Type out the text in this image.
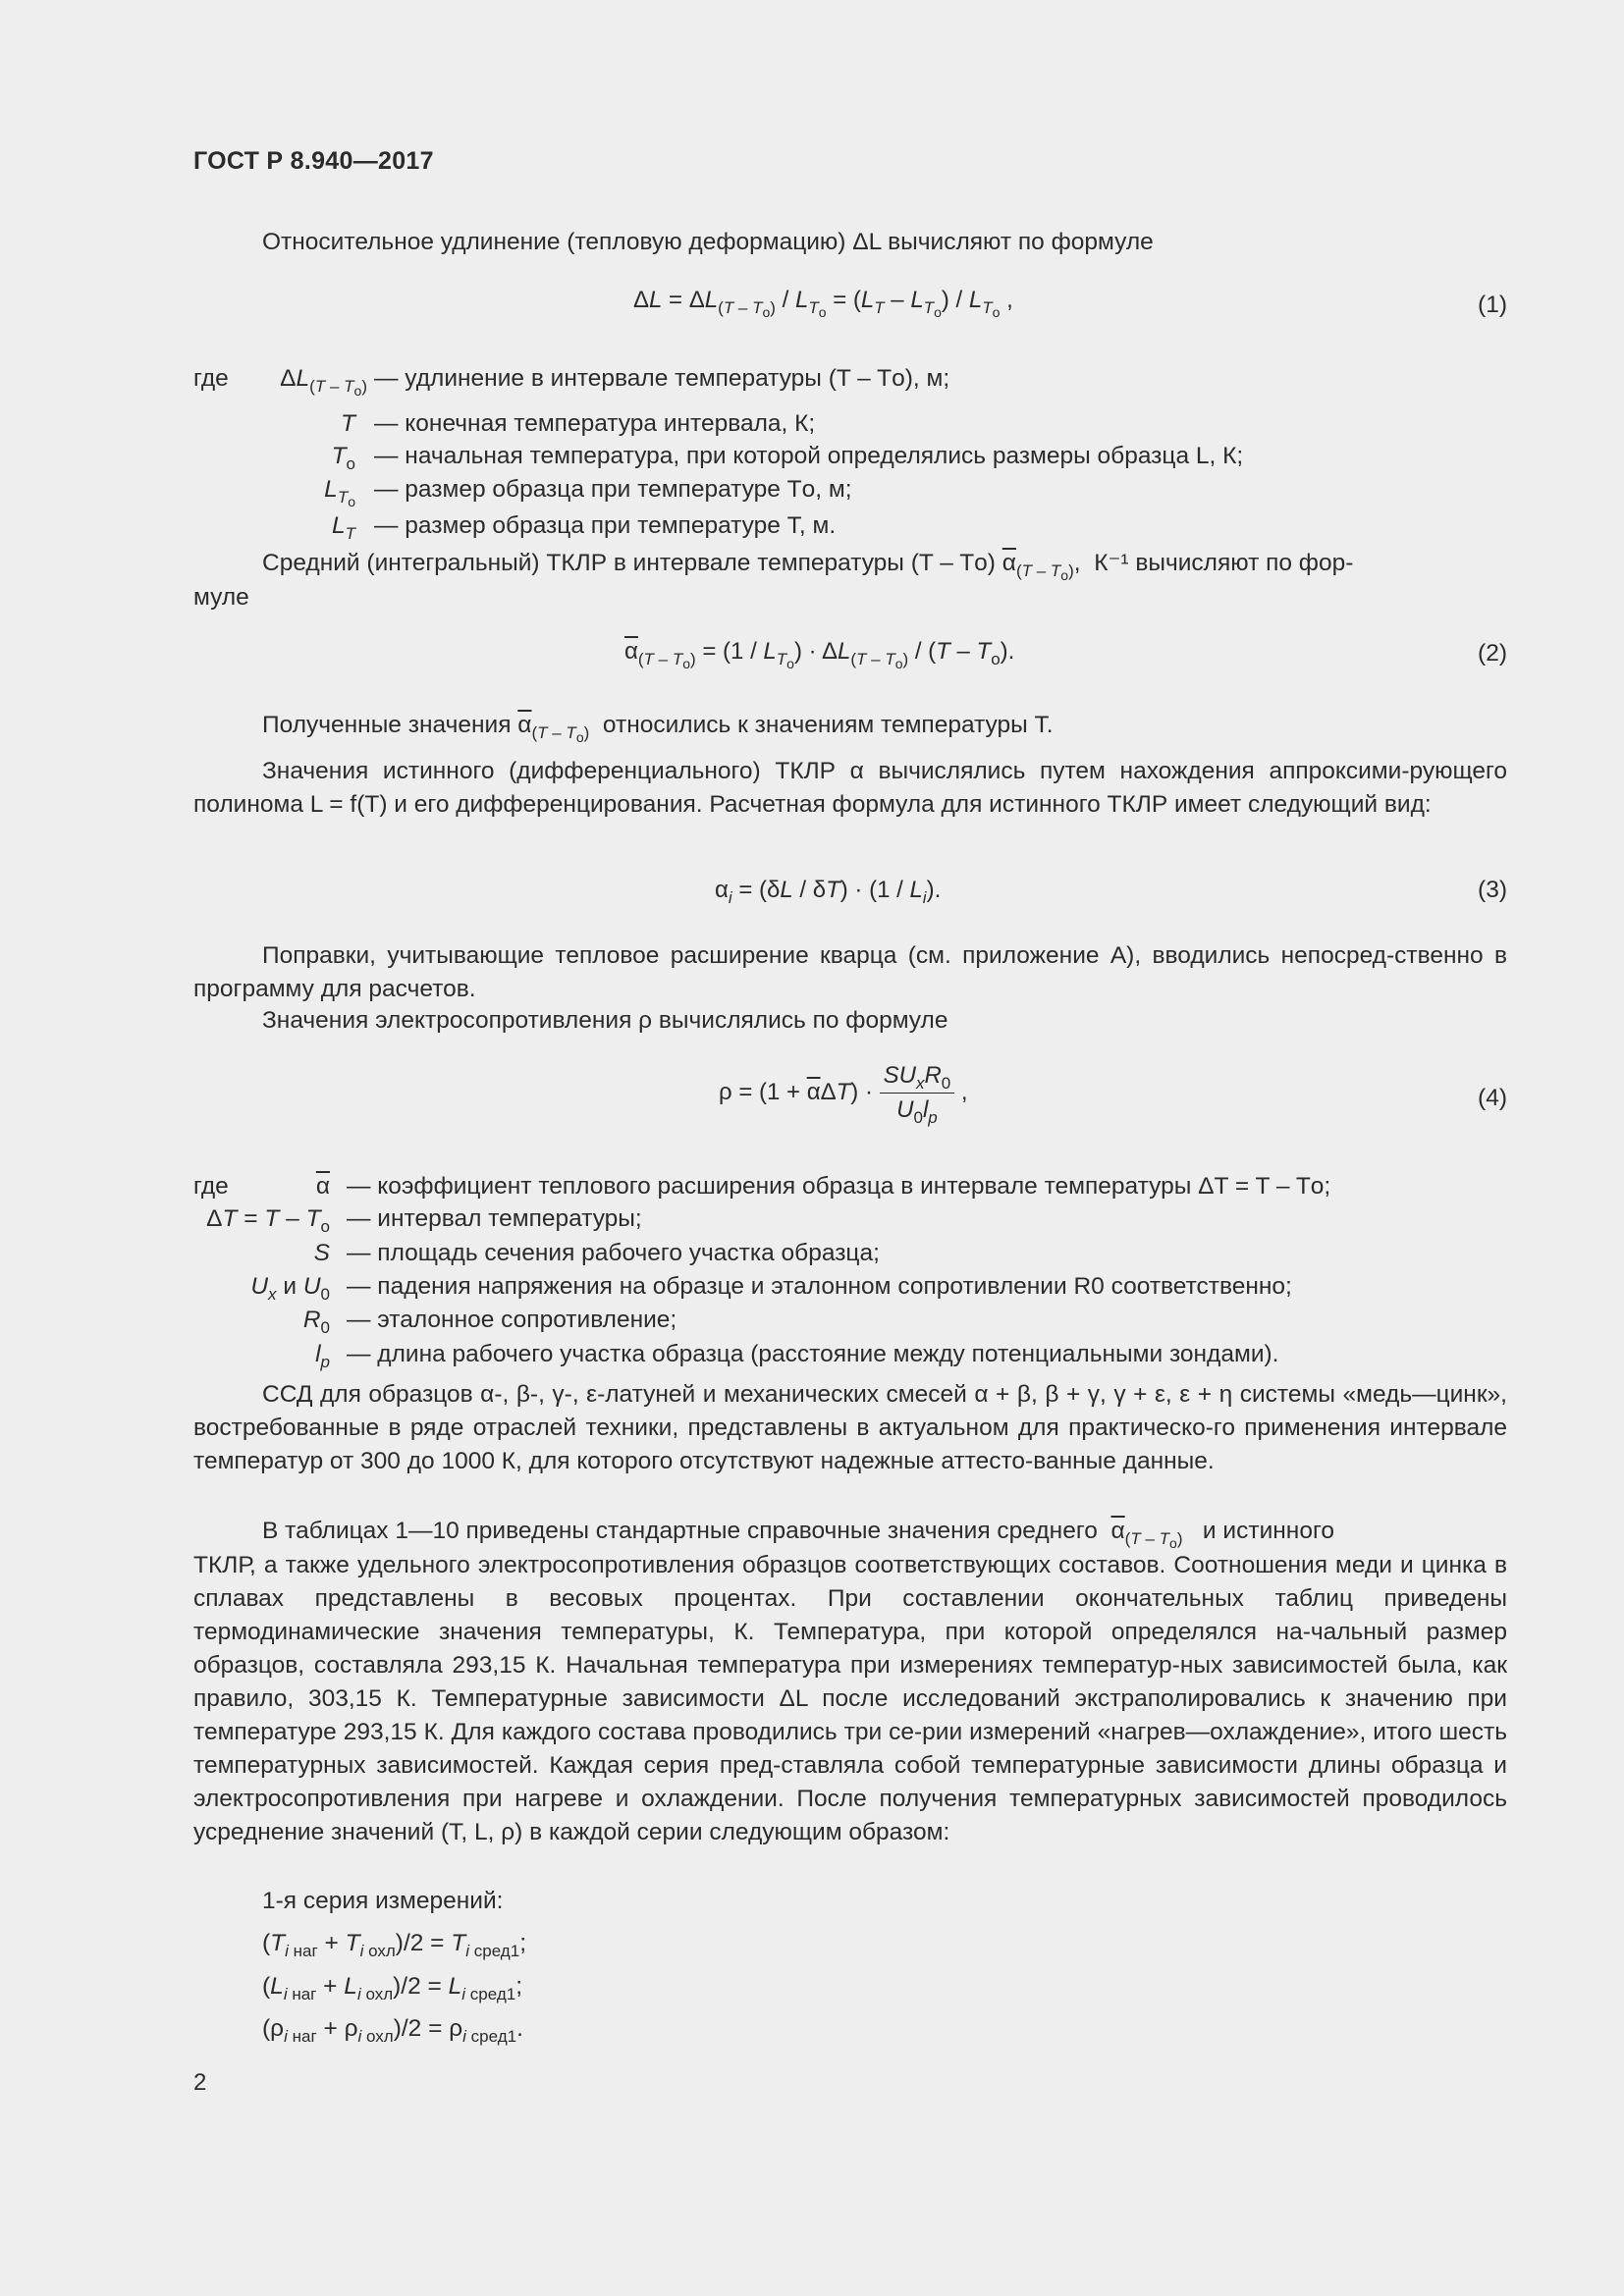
ГОСТ Р 8.940—2017
Относительное удлинение (тепловую деформацию) ΔL вычисляют по формуле
$\Delta L = \Delta L_{(T - T_о)} / L_{T_о} = (L_T - L_{T_о}) / L_{T_о}$ ,	(1)
где $\Delta L_{(T - T_о)}$ — удлинение в интервале температуры (T – Tо), м;
T — конечная температура интервала, К;
$T_о$ — начальная температура, при которой определялись размеры образца L, К;
$L_{T_о}$ — размер образца при температуре Tо, м;
$L_T$ — размер образца при температуре T, м.
Средний (интегральный) ТКЛР в интервале температуры (T – Tо) $\overline{\alpha}_{(T - T_о)}$,  К⁻¹ вычисляют по фор-
муле
$\overline{\alpha}_{(T - T_о)} = (1 / L_{T_о}) \cdot \Delta L_{(T - T_о)} / (T - T_о)$.	(2)
Полученные значения $\overline{\alpha}_{(T - T_о)}$ относились к значениям температуры T.
Значения истинного (дифференциального) ТКЛР α вычислялись путем нахождения аппроксими-рующего полинома L = f(T) и его дифференцирования. Расчетная формула для истинного ТКЛР имеет следующий вид:
$\alpha_i = (\delta L / \delta T) \cdot (1 / L_i)$.	(3)
Поправки, учитывающие тепловое расширение кварца (см. приложение А), вводились непосред-ственно в программу для расчетов.
Значения электросопротивления ρ вычислялись по формуле
$\rho = (1 + \overline{\alpha}\Delta T) \cdot \frac{SU_xR_0}{U_0l_p}$ ,	(4)
где	$\overline{\alpha}$ — коэффициент теплового расширения образца в интервале температуры ΔT = T – Tо;
$\Delta T = T - T_о$ — интервал температуры;
S — площадь сечения рабочего участка образца;
$U_x$ и $U_0$ — падения напряжения на образце и эталонном сопротивлении R0 соответственно;
$R_0$ — эталонное сопротивление;
$l_p$ — длина рабочего участка образца (расстояние между потенциальными зондами).
ССД для образцов α-, β-, γ-, ε-латуней и механических смесей α + β, β + γ, γ + ε, ε + η системы «медь—цинк», востребованные в ряде отраслей техники, представлены в актуальном для практическо-го применения интервале температур от 300 до 1000 К, для которого отсутствуют надежные аттесто-ванные данные.
В таблицах 1—10 приведены стандартные справочные значения среднего $\overline{\alpha}_{(T - T_о)}$ и истинного
ТКЛР, а также удельного электросопротивления образцов соответствующих составов. Соотношения меди и цинка в сплавах представлены в весовых процентах. При составлении окончательных таблиц приведены термодинамические значения температуры, К. Температура, при которой определялся на-чальный размер образцов, составляла 293,15 К. Начальная температура при измерениях температур-ных зависимостей была, как правило, 303,15 К. Температурные зависимости ΔL после исследований экстраполировались к значению при температуре 293,15 К. Для каждого состава проводились три се-рии измерений «нагрев—охлаждение», итого шесть температурных зависимостей. Каждая серия пред-ставляла собой температурные зависимости длины образца и электросопротивления при нагреве и охлаждении. После получения температурных зависимостей проводилось усреднение значений (T, L, ρ) в каждой серии следующим образом:
1-я серия измерений:
$(T_{i наг} + T_{i охл})/2 = T_{i сред1}$;
$(L_{i наг} + L_{i охл})/2 = L_{i сред1}$;
$(\rho_{i наг} + \rho_{i охл})/2 = \rho_{i сред1}$.
2
